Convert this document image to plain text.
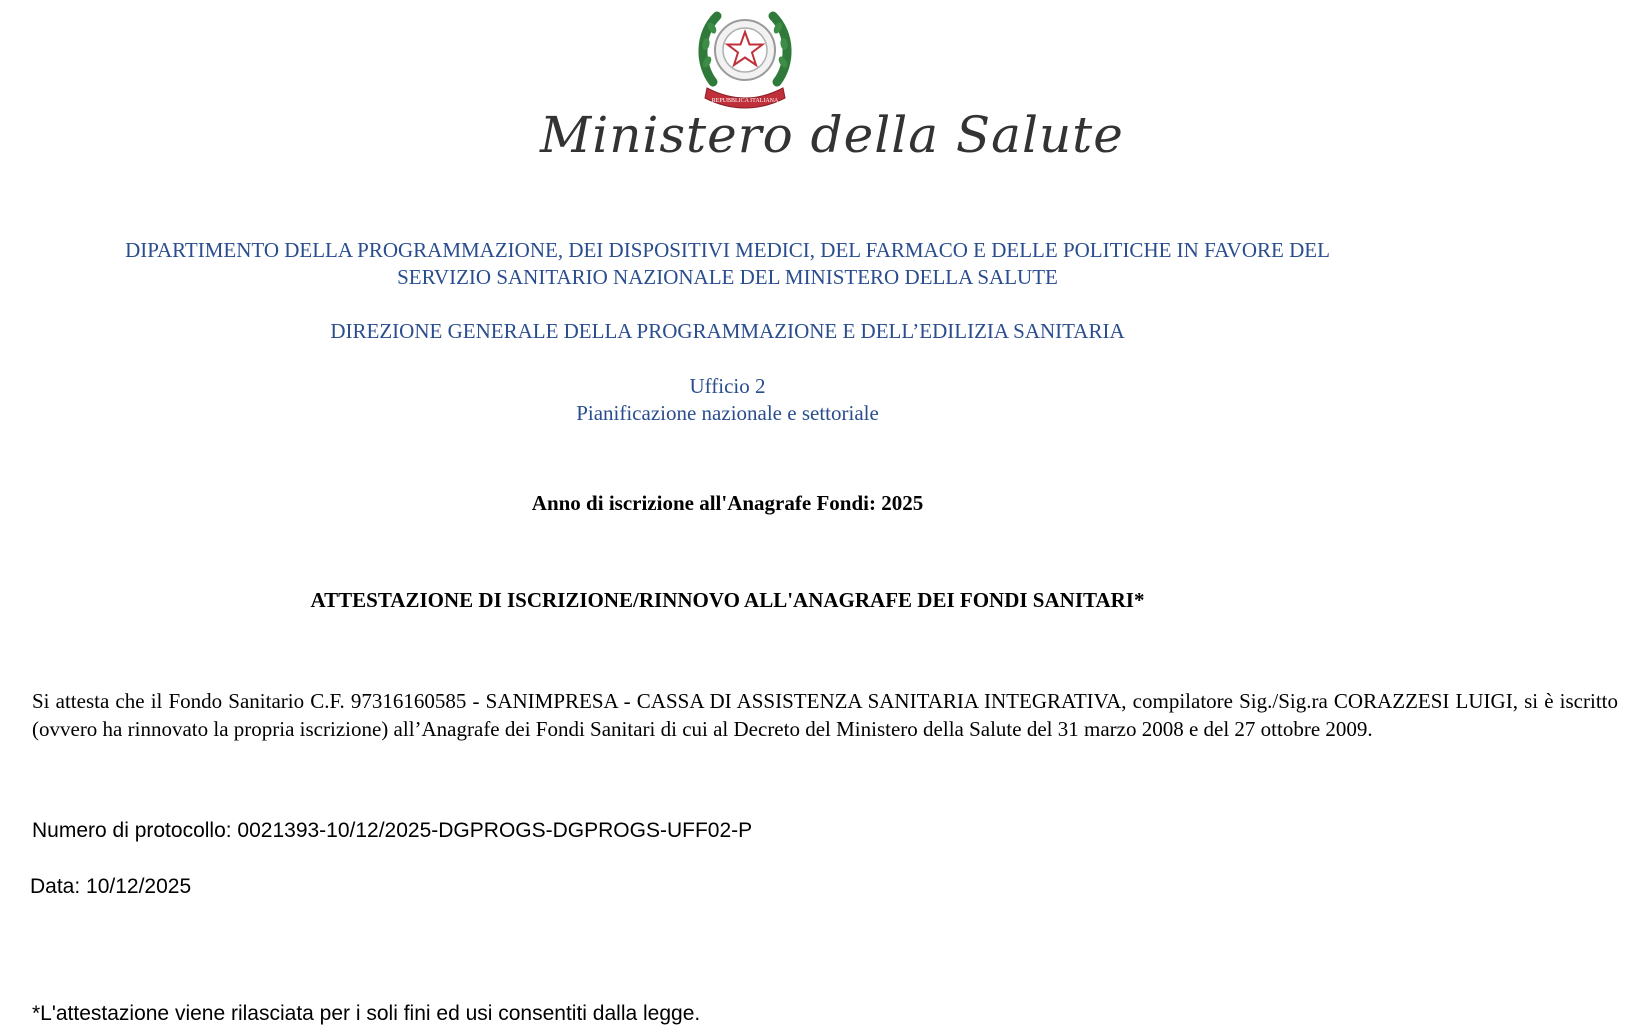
REPUBBLICA ITALIANA
Ministero della Salute
DIPARTIMENTO DELLA PROGRAMMAZIONE, DEI DISPOSITIVI MEDICI, DEL FARMACO E DELLE POLITICHE IN FAVORE DEL
SERVIZIO SANITARIO NAZIONALE DEL MINISTERO DELLA SALUTE
DIREZIONE GENERALE DELLA PROGRAMMAZIONE E DELL’EDILIZIA SANITARIA
Ufficio 2
Pianificazione nazionale e settoriale
Anno di iscrizione all'Anagrafe Fondi: 2025
ATTESTAZIONE DI ISCRIZIONE/RINNOVO ALL'ANAGRAFE DEI FONDI SANITARI*
Si attesta che il Fondo Sanitario C.F. 97316160585 - SANIMPRESA - CASSA DI ASSISTENZA SANITARIA INTEGRATIVA, compilatore Sig./Sig.ra CORAZZESI LUIGI, si è iscritto (ovvero ha rinnovato la propria iscrizione) all’Anagrafe dei Fondi Sanitari di cui al Decreto del Ministero della Salute del 31 marzo 2008 e del 27 ottobre 2009.
Numero di protocollo: 0021393-10/12/2025-DGPROGS-DGPROGS-UFF02-P
Data: 10/12/2025
*L'attestazione viene rilasciata per i soli fini ed usi consentiti dalla legge.
